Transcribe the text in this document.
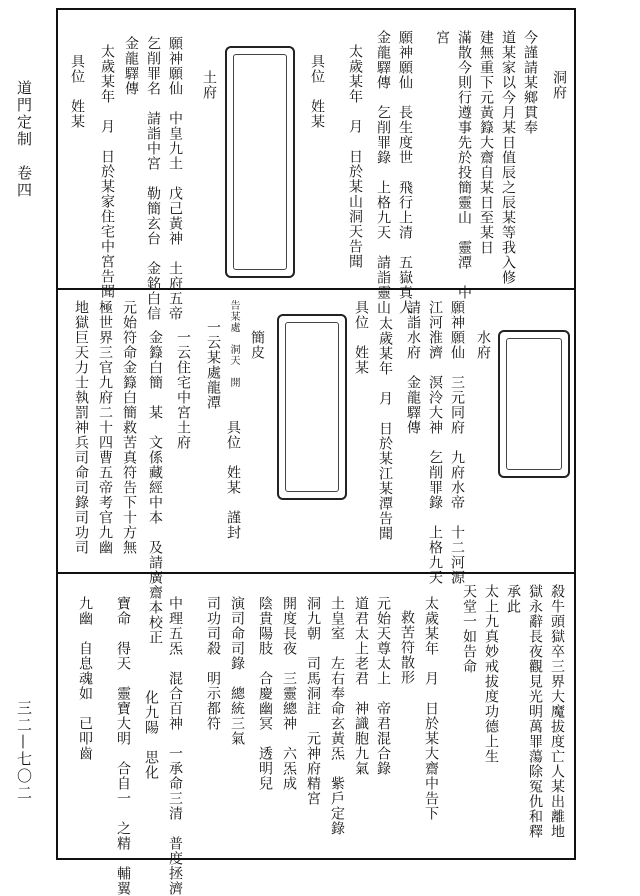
道門定制　卷四
三二—七〇二
洞府
今謹請某鄉貫奉
道某家以今月某日值辰之辰某等我入修
建無重下元黃籙大齋自某日至某日
滿散今則行遵事先於投簡靈山　靈潭　中
宮
願神願仙　長生度世　飛行上清　五嶽真人
金龍驛傳　乞削罪錄　上格九天　請詣靈山
太歲某年　月　日於某山洞天告聞
具位　姓某
土府
願神願仙　中皇九土　戊己黃神　土府五帝
乞削罪名　請詣中宮　勒簡玄台　金銘白信
金龍驛傳
太歲某年　月　日於某家住宅中宮告聞
具位　姓某
水府
願神願仙　三元同府　九府水帝　十二河源
江河淮濟　溟泠大神　乞削罪錄　上格九天
請詣水府　金龍驛傳
太歲某年　月　日於某江某潭告聞
具位　姓某
簡皮
告某處　洞天　開
一云某處龍潭
具位　姓某　謹封
一云住宅中宮土府
金籙白簡　某　文係藏經中本　及請廣齋本校正
元始符命金籙白簡救苦真符告下十方無
極世界三官九府二十四曹五帝考官九幽
地獄巨天力士執罰神兵司命司錄司功司
殺牛頭獄卒三界大魔拔度亡人某出離地
獄永辭長夜觀見光明萬罪蕩除冤仇和釋
承此
太上九真妙戒拔度功德上生
天堂一如告命
太歲某年　月　日於某大齋中告下
救苦符散形
元始天尊太上　帝君混合錄
道君太上老君　神識胞九氣
土皇室　左右奉命玄黃炁　紫戶定錄
洞九朝　司馬洞註　元神府精宮
開度長夜　三靈總神　六炁成
陰貴陽肢　合慶幽冥　透明兒
演司命司錄　總統三氣
司功司殺　明示都符
中理五炁　混合百神　一承命三清　普度拯濟
化九陽　思化
寶命　得天　靈寶大明　合自一　之精　輔翼
九幽　自息魂如　已叩齒
